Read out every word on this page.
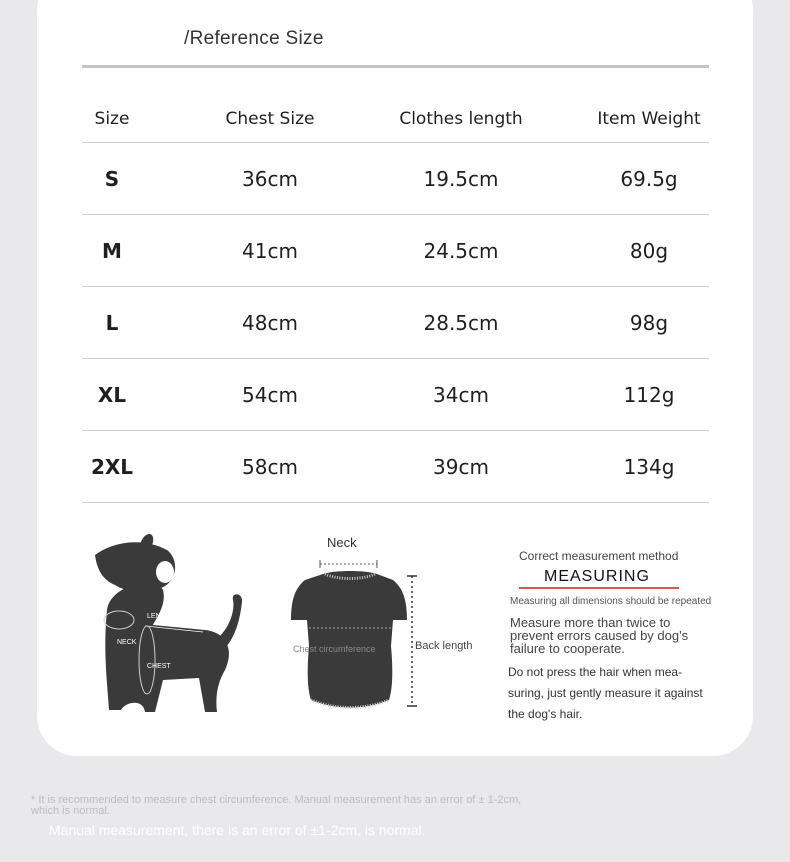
/Reference Size
Size	Chest Size	Clothes length	Item Weight
S	36cm	19.5cm	69.5g
M	41cm	24.5cm	80g
L	48cm	28.5cm	98g
XL	54cm	34cm	112g
2XL	58cm	39cm	134g
LENGTH
NECK
CHEST
Neck
Chest circumference	Back length
Correct measurement method
MEASURING
Measuring all dimensions should be repeated
Measure more than twice to prevent errors caused by dog's failure to cooperate.
Do not press the hair when mea-suring, just gently measure it against the dog's hair.
* It is recommended to measure chest circumference. Manual measurement has an error of ± 1-2cm, which is normal.
Manual measurement, there is an error of ±1-2cm, is normal.
